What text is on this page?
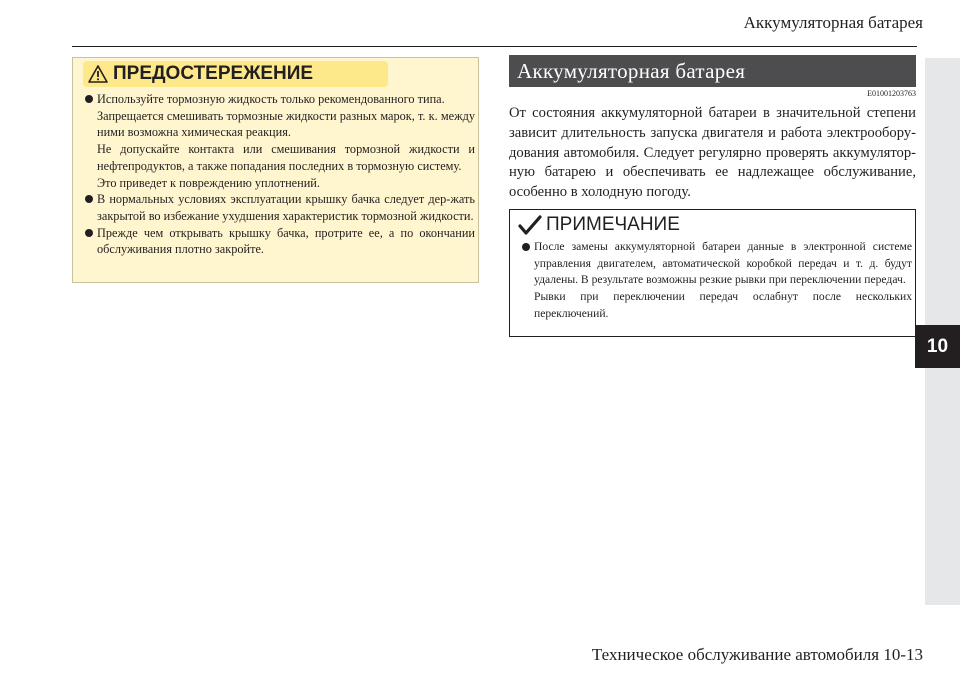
Аккумуляторная батарея
10
ПРЕДОСТЕРЕЖЕНИЕ
Используйте тормозную жидкость только рекомендованного типа.
Запрещается смешивать тормозные жидкости разных марок, т. к. между ними возможна химическая реакция.
Не допускайте контакта или смешивания тормозной жидкости и нефтепродуктов, а также попадания последних в тормозную систему.
Это приведет к повреждению уплотнений.
В нормальных условиях эксплуатации крышку бачка следует дер-жать закрытой во избежание ухудшения характеристик тормозной жидкости.
Прежде чем открывать крышку бачка, протрите ее, а по окончании обслуживания плотно закройте.
Аккумуляторная батарея
E01001203763
От состояния аккумуляторной батареи в значительной степени зависит длительность запуска двигателя и работа электрообору-дования автомобиля. Следует регулярно проверять аккумулятор-ную батарею и обеспечивать ее надлежащее обслуживание, особенно в холодную погоду.
ПРИМЕЧАНИЕ
После замены аккумуляторной батареи данные в электронной системе управления двигателем, автоматической коробкой передач и т. д. будут удалены. В результате возможны резкие рывки при переключении передач.
Рывки при переключении передач ослабнут после нескольких переключений.
Техническое обслуживание автомобиля 10-13
